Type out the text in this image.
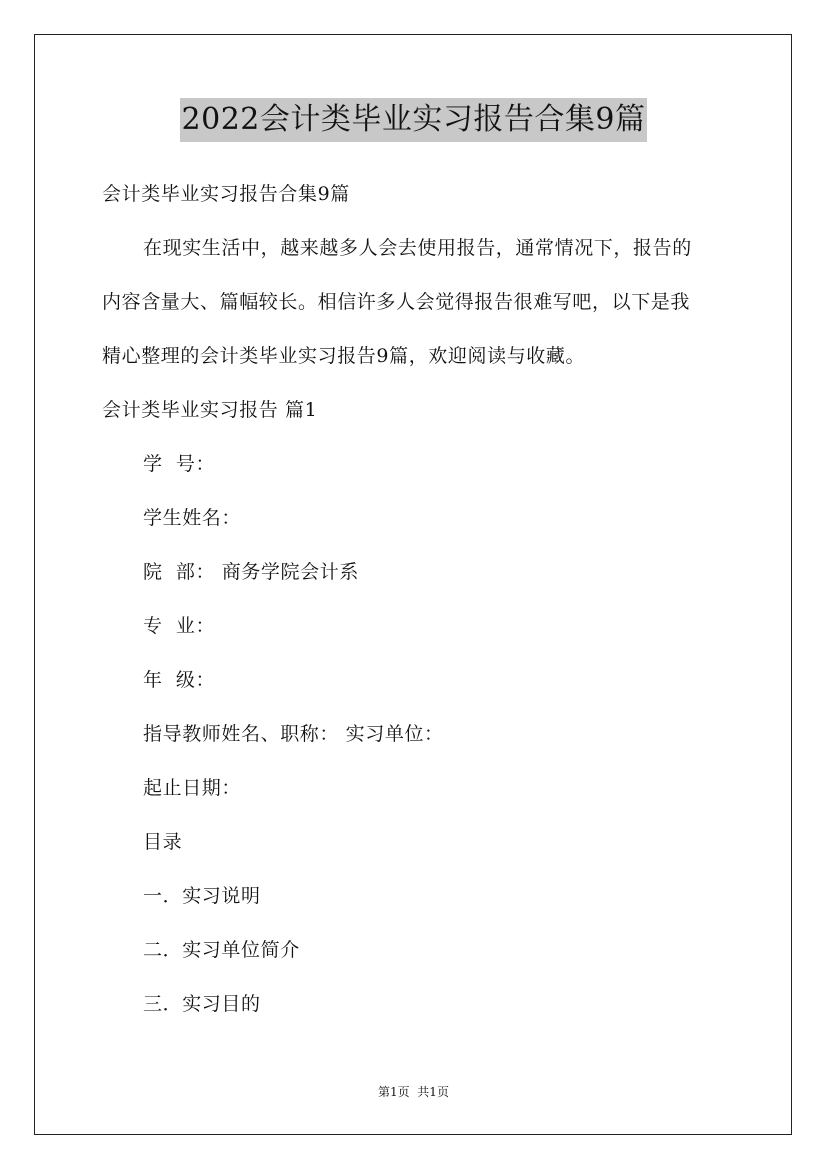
2022会计类毕业实习报告合集9篇
会计类毕业实习报告合集9篇
在现实生活中，越来越多人会去使用报告，通常情况下，报告的
内容含量大、篇幅较长。相信许多人会觉得报告很难写吧，以下是我
精心整理的会计类毕业实习报告9篇，欢迎阅读与收藏。
会计类毕业实习报告 篇1
学  号：
学生姓名：
院  部： 商务学院会计系
专  业：
年  级：
指导教师姓名、职称： 实习单位：
起止日期：
目录
一．实习说明
二．实习单位简介
三．实习目的
第1页  共1页
